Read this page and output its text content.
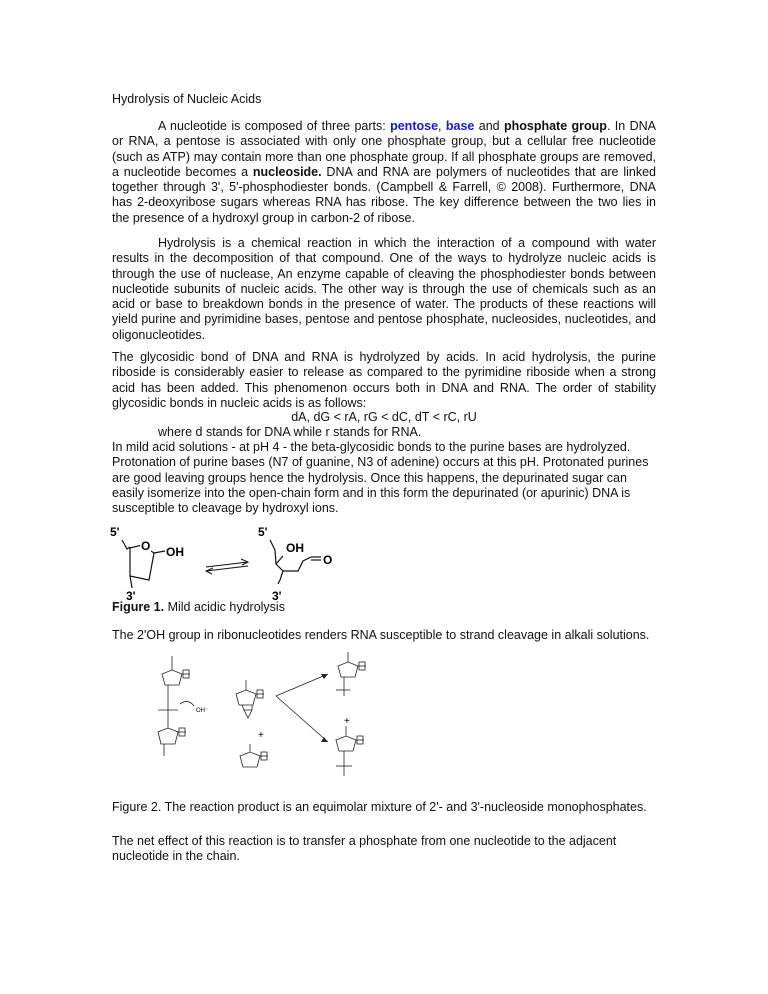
Hydrolysis of Nucleic Acids

A nucleotide is composed of three parts: pentose, base and phosphate group. In DNA or RNA, a pentose is associated with only one phosphate group, but a cellular free nucleotide (such as ATP) may contain more than one phosphate group. If all phosphate groups are removed, a nucleotide becomes a nucleoside. DNA and RNA are polymers of nucleotides that are linked together through 3', 5'-phosphodiester bonds. (Campbell & Farrell, © 2008). Furthermore, DNA has 2-deoxyribose sugars whereas RNA has ribose. The key difference between the two lies in the presence of a hydroxyl group in carbon-2 of ribose.

Hydrolysis is a chemical reaction in which the interaction of a compound with water results in the decomposition of that compound. One of the ways to hydrolyze nucleic acids is through the use of nuclease, An enzyme capable of cleaving the phosphodiester bonds between nucleotide subunits of nucleic acids. The other way is through the use of chemicals such as an acid or base to breakdown bonds in the presence of water. The products of these reactions will yield purine and pyrimidine bases, pentose and pentose phosphate, nucleosides, nucleotides, and oligonucleotides.

The glycosidic bond of DNA and RNA is hydrolyzed by acids. In acid hydrolysis, the purine riboside is considerably easier to release as compared to the pyrimidine riboside when a strong acid has been added. This phenomenon occurs both in DNA and RNA. The order of stability glycosidic bonds in nucleic acids is as follows:

dA, dG < rA, rG < dC, dT < rC, rU
where d stands for DNA while r stands for RNA.

In mild acid solutions - at pH 4 - the beta-glycosidic bonds to the purine bases are hydrolyzed. Protonation of purine bases (N7 of guanine, N3 of adenine) occurs at this pH. Protonated purines are good leaving groups hence the hydrolysis. Once this happens, the depurinated sugar can easily isomerize into the open-chain form and in this form the depurinated (or apurinic) DNA is susceptible to cleavage by hydroxyl ions.

5'
O OH
3'
5'
OH
O
3'
Figure 1. Mild acidic hydrolysis

The 2'OH group in ribonucleotides renders RNA susceptible to strand cleavage in alkali solutions.

OH⁻
+
+

Figure 2. The reaction product is an equimolar mixture of 2'- and 3'-nucleoside monophosphates.

The net effect of this reaction is to transfer a phosphate from one nucleotide to the adjacent nucleotide in the chain.
